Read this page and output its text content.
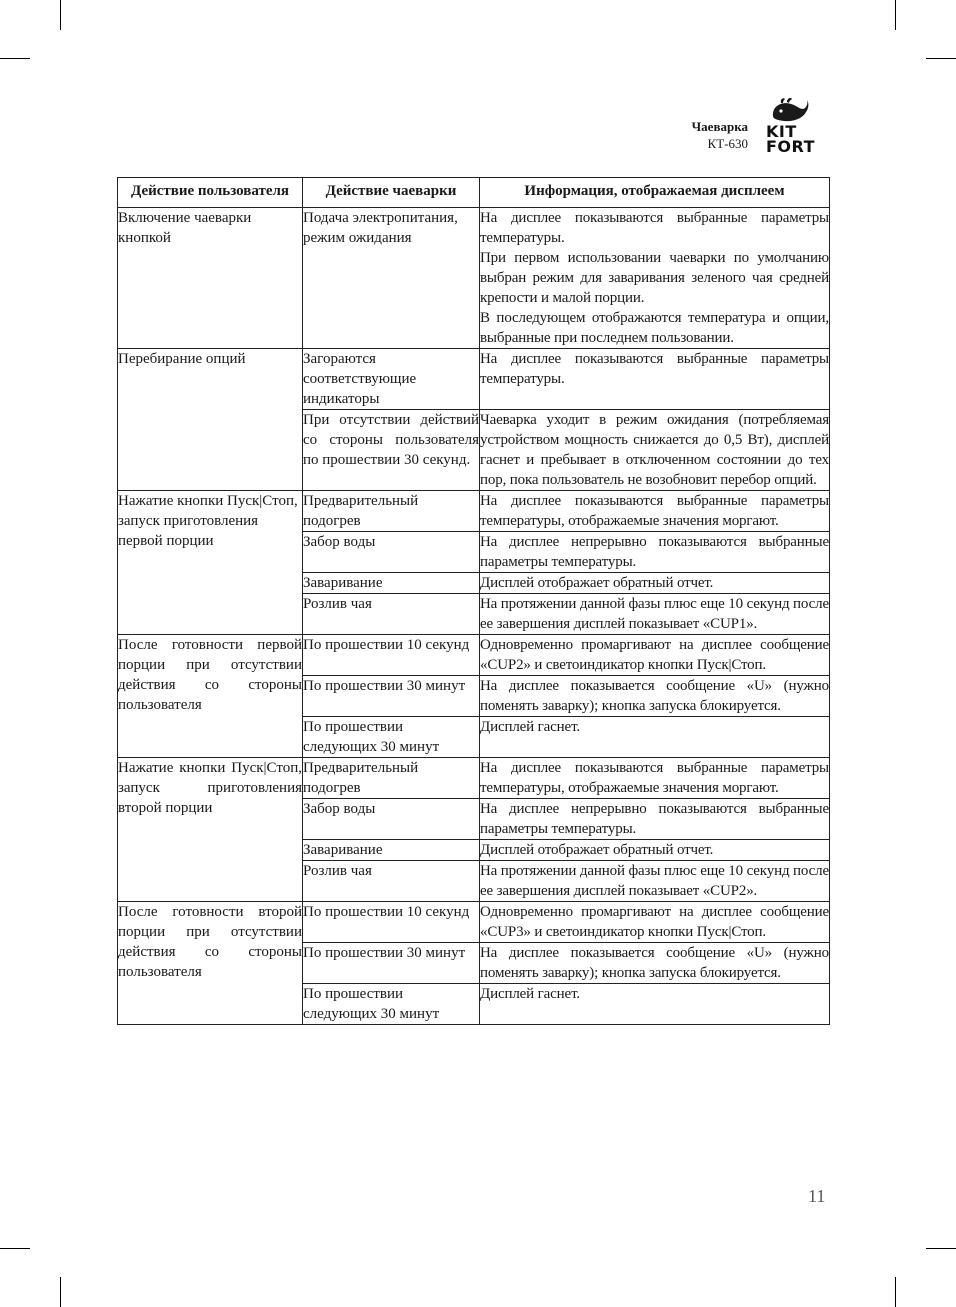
Чаеварка
КТ-630
KIT
FORT
Действие пользователя	Действие чаеварки	Информация, отображаемая дисплеем
Включение чаеварки кнопкой	Подача электропитания, режим ожидания	На дисплее показываются выбранные параметры температуры.
При первом использовании чаеварки по умолчанию выбран режим для заваривания зеленого чая средней крепости и малой порции.
В последующем отображаются температура и опции, выбранные при последнем пользовании.

Перебирание опций	Загораются соответствующие индикаторы	На дисплее показываются выбранные параметры температуры.

	При отсутствии действий со стороны пользователя по прошествии 30 секунд.	Чаеварка уходит в режим ожидания (потребляемая устройством мощность снижается до 0,5 Вт), дисплей гаснет и пребывает в отключенном состоянии до тех пор, пока пользователь не возобновит перебор опций.

Нажатие кнопки Пуск|Стоп, запуск приготовления первой порции	Предварительный подогрев	На дисплее показываются выбранные параметры температуры, отображаемые значения моргают.

	Забор воды	На дисплее непрерывно показываются выбранные параметры температуры.

	Заваривание	Дисплей отображает обратный отчет.

	Розлив чая	На протяжении данной фазы плюс еще 10 секунд после ее завершения дисплей показывает «CUP1».

После готовности первой порции при отсутствии действия со стороны пользователя	По прошествии 10 секунд	Одновременно промаргивают на дисплее сообщение «CUP2» и светоиндикатор кнопки Пуск|Стоп.

	По прошествии 30 минут	На дисплее показывается сообщение «U» (нужно поменять заварку); кнопка запуска блокируется.

	По прошествии следующих 30 минут	Дисплей гаснет.

Нажатие кнопки Пуск|Стоп, запуск приготовления второй порции	Предварительный подогрев	На дисплее показываются выбранные параметры температуры, отображаемые значения моргают.

	Забор воды	На дисплее непрерывно показываются выбранные параметры температуры.

	Заваривание	Дисплей отображает обратный отчет.

	Розлив чая	На протяжении данной фазы плюс еще 10 секунд после ее завершения дисплей показывает «CUP2».

После готовности второй порции при отсутствии действия со стороны пользователя	По прошествии 10 секунд	Одновременно промаргивают на дисплее сообщение «CUP3» и светоиндикатор кнопки Пуск|Стоп.

	По прошествии 30 минут	На дисплее показывается сообщение «U» (нужно поменять заварку); кнопка запуска блокируется.

	По прошествии следующих 30 минут	Дисплей гаснет.
11
